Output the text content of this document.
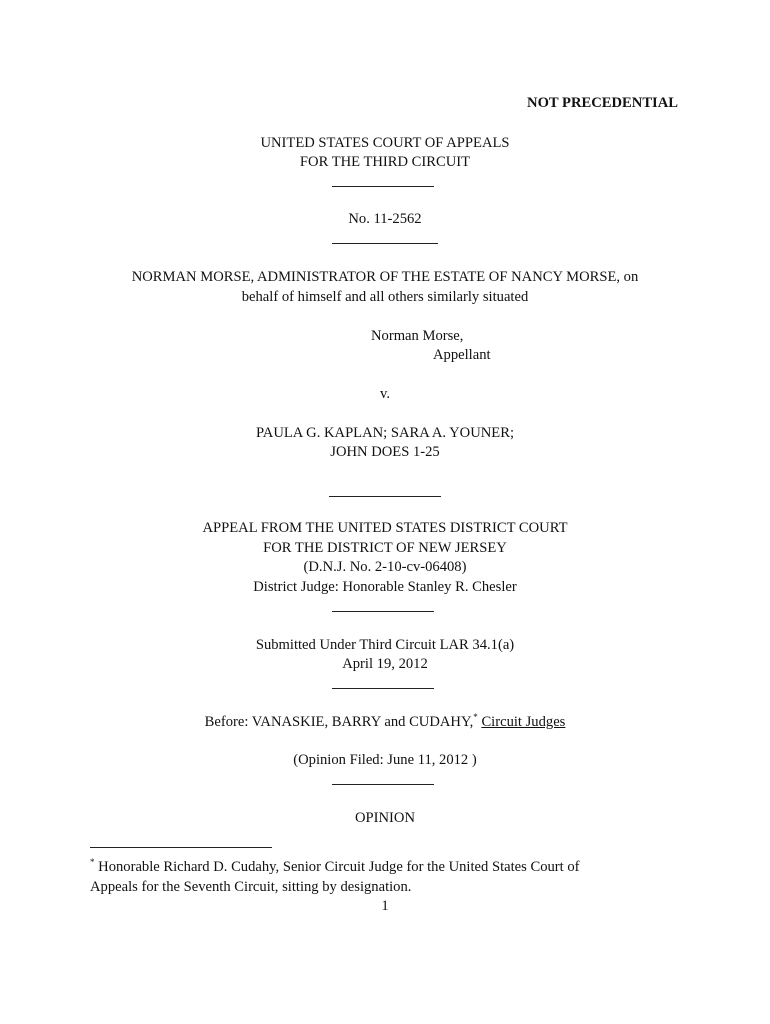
NOT PRECEDENTIAL
UNITED STATES COURT OF APPEALS
FOR THE THIRD CIRCUIT
No. 11-2562
NORMAN MORSE, ADMINISTRATOR OF THE ESTATE OF NANCY MORSE, on
behalf of himself and all others similarly situated
Norman Morse,
Appellant
v.
PAULA G. KAPLAN; SARA A. YOUNER;
JOHN DOES 1-25
APPEAL FROM THE UNITED STATES DISTRICT COURT
FOR THE DISTRICT OF NEW JERSEY
(D.N.J. No. 2-10-cv-06408)
District Judge: Honorable Stanley R. Chesler
Submitted Under Third Circuit LAR 34.1(a)
April 19, 2012
Before: VANASKIE, BARRY and CUDAHY,* Circuit Judges
(Opinion Filed: June 11, 2012 )
OPINION
* Honorable Richard D. Cudahy, Senior Circuit Judge for the United States Court of
Appeals for the Seventh Circuit, sitting by designation.
1
